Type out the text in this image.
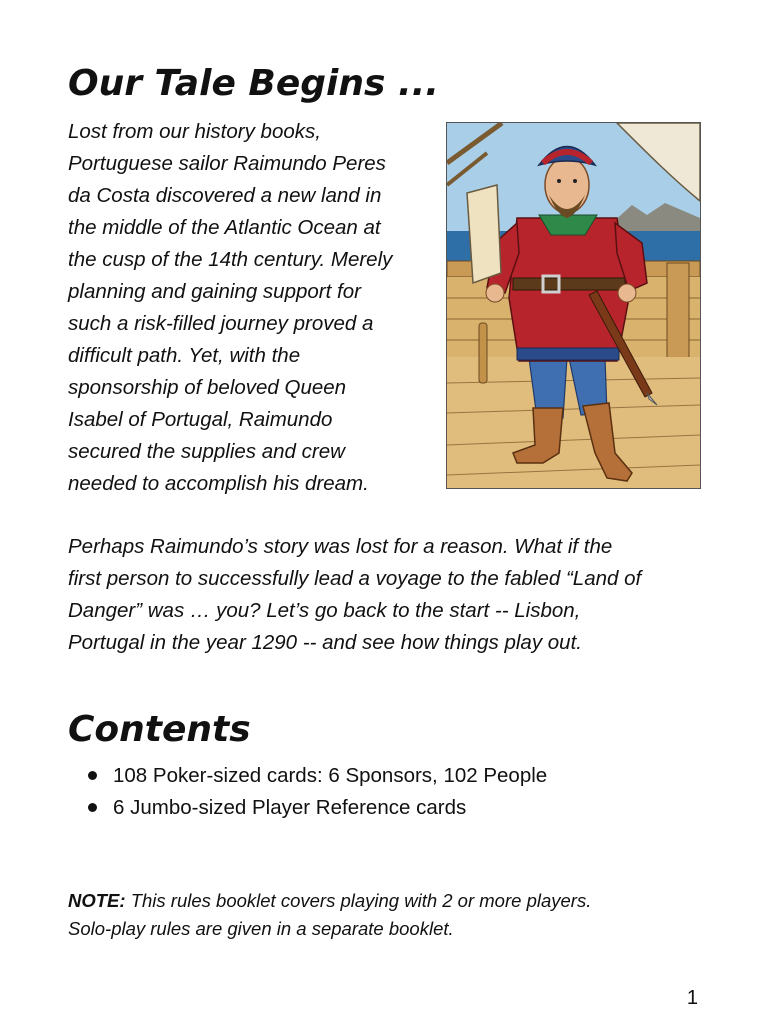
Our Tale Begins ...

Lost from our history books,
Portuguese sailor Raimundo Peres
da Costa discovered a new land in
the middle of the Atlantic Ocean at
the cusp of the 14th century. Merely
planning and gaining support for
such a risk-filled journey proved a
difficult path. Yet, with the
sponsorship of beloved Queen
Isabel of Portugal, Raimundo
secured the supplies and crew
needed to accomplish his dream.

Perhaps Raimundo’s story was lost for a reason. What if the
first person to successfully lead a voyage to the fabled “Land of
Danger” was … you? Let’s go back to the start -- Lisbon,
Portugal in the year 1290 -- and see how things play out.

Contents
108 Poker-sized cards: 6 Sponsors, 102 People
6 Jumbo-sized Player Reference cards

NOTE: This rules booklet covers playing with 2 or more players.
Solo-play rules are given in a separate booklet.

1
